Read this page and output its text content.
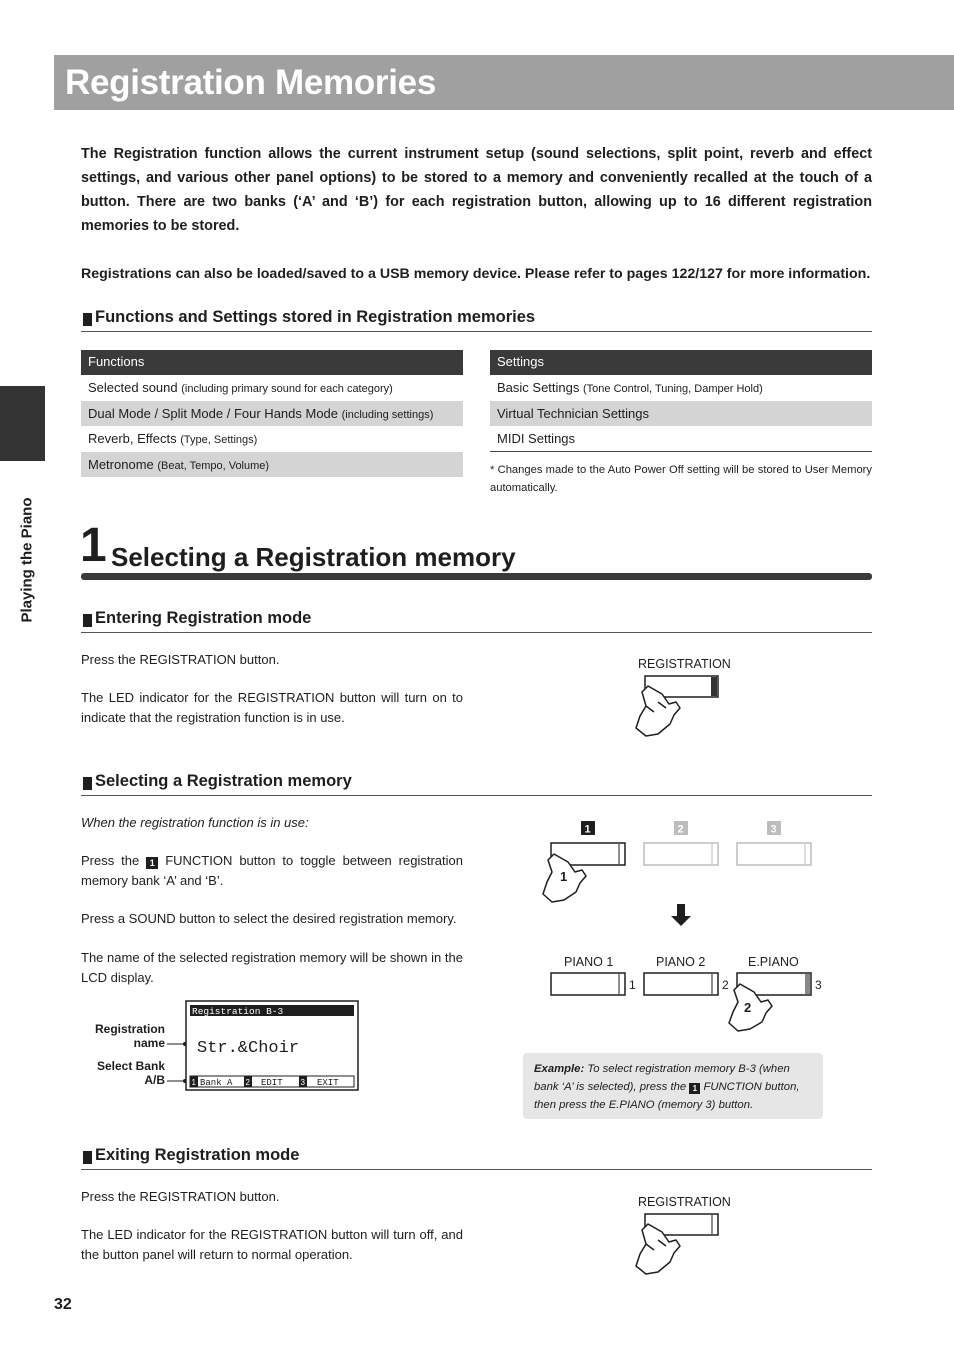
Registration Memories

The Registration function allows the current instrument setup (sound selections, split point, reverb and effect settings, and various other panel options) to be stored to a memory and conveniently recalled at the touch of a button. There are two banks (‘A’ and ‘B’) for each registration button, allowing up to 16 different registration memories to be stored.

Registrations can also be loaded/saved to a USB memory device. Please refer to pages 122/127 for more information.

Functions and Settings stored in Registration memories
Functions
Selected sound (including primary sound for each category)
Dual Mode / Split Mode / Four Hands Mode (including settings)
Reverb, Effects (Type, Settings)
Metronome (Beat, Tempo, Volume)
Settings
Basic Settings (Tone Control, Tuning, Damper Hold)
Virtual Technician Settings
MIDI Settings

* Changes made to the Auto Power Off setting will be stored to User Memory automatically.

Playing the Piano 1 Selecting a Registration memory
Entering Registration mode

Press the REGISTRATION button.

The LED indicator for the REGISTRATION button will turn on to indicate that the registration function is in use.

REGISTRATION
Selecting a Registration memory

When the registration function is in use:

Press the 1 FUNCTION button to toggle between registration memory bank ‘A’ and ‘B’.

Press a SOUND button to select the desired registration memory.

The name of the selected registration memory will be shown in the LCD display.

Registration name
Select Bank A/B
Registration B-3
Str.&Choir
1 Bank A 2 EDIT 3 EXIT
1	2	3
1
PIANO 1	PIANO 2	E.PIANO
1	2	3
2
Example: To select registration memory B-3 (when bank ‘A’ is selected), press the 1 FUNCTION button, then press the E.PIANO (memory 3) button.
Exiting Registration mode

Press the REGISTRATION button.

The LED indicator for the REGISTRATION button will turn off, and the button panel will return to normal operation.

REGISTRATION
32
